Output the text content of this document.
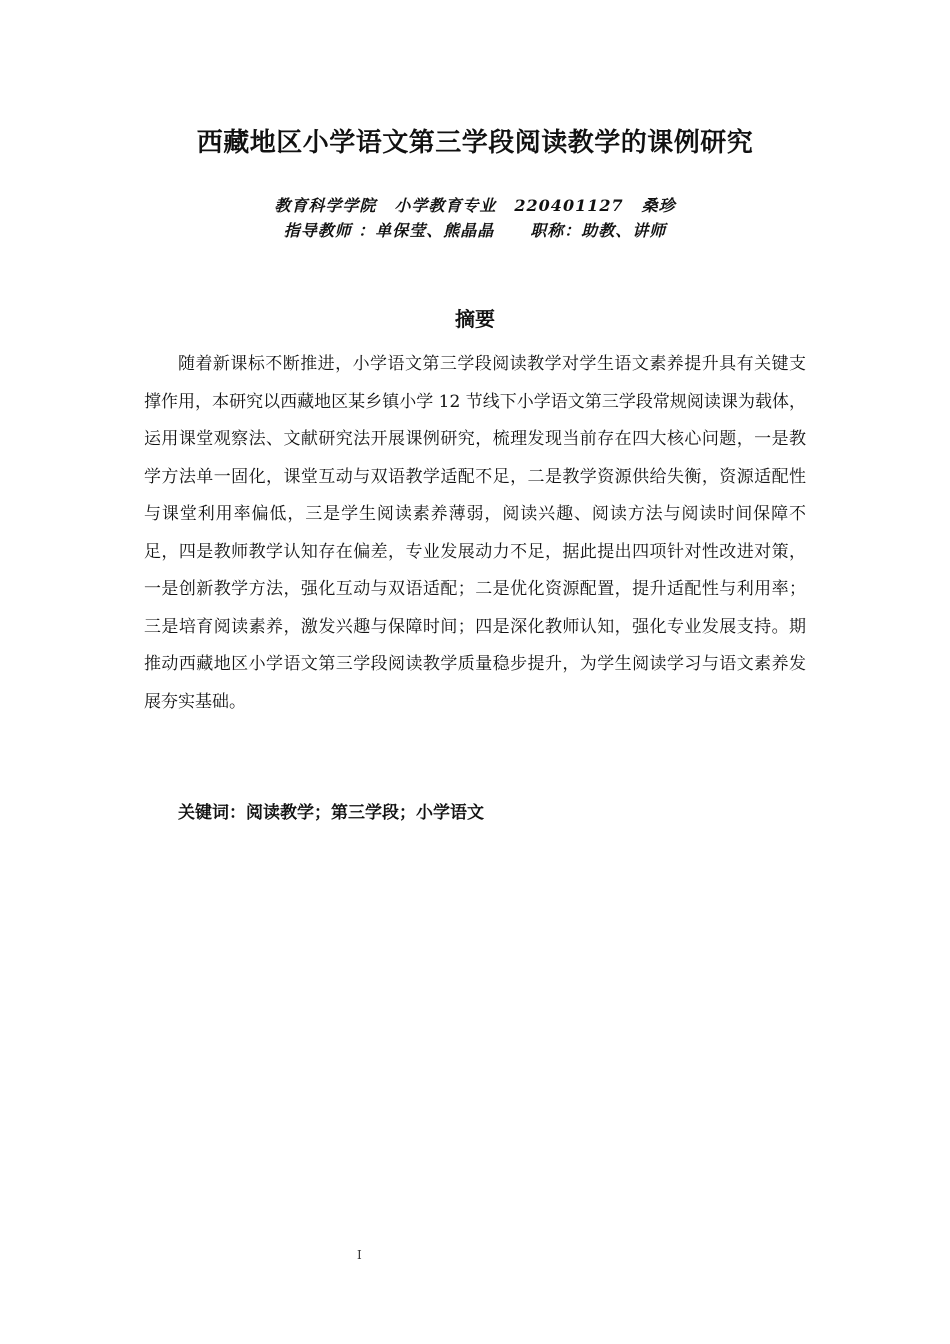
西藏地区小学语文第三学段阅读教学的课例研究
教育科学学院 小学教育专业 220401127 桑珍
指导教师 ：单保莹、熊晶晶 职称：助教、讲师
摘要

随着新课标不断推进，小学语文第三学段阅读教学对学生语文素养提升具有关键支撑作用，本研究以西藏地区某乡镇小学 12 节线下小学语文第三学段常规阅读课为载体，运用课堂观察法、文献研究法开展课例研究，梳理发现当前存在四大核心问题，一是教学方法单一固化，课堂互动与双语教学适配不足，二是教学资源供给失衡，资源适配性与课堂利用率偏低，三是学生阅读素养薄弱，阅读兴趣、阅读方法与阅读时间保障不足，四是教师教学认知存在偏差，专业发展动力不足，据此提出四项针对性改进对策，一是创新教学方法，强化互动与双语适配；二是优化资源配置，提升适配性与利用率；三是培育阅读素养，激发兴趣与保障时间；四是深化教师认知，强化专业发展支持。期推动西藏地区小学语文第三学段阅读教学质量稳步提升，为学生阅读学习与语文素养发展夯实基础。

关键词：阅读教学；第三学段；小学语文
I
